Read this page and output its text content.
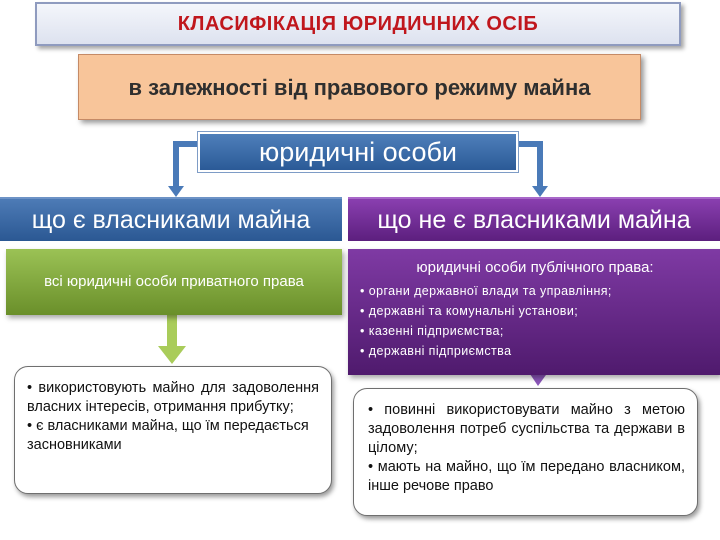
КЛАСИФІКАЦІЯ ЮРИДИЧНИХ ОСІБ
в залежності від правового режиму майна
юридичні особи
що є власниками майна	що не є власниками майна
всі юридичні особи приватного права
юридичні особи публічного права:
• органи державної влади та управління;
• державні та комунальні установи;
• казенні підприємства;
• державні підприємства

• використовують майно для задоволення власних інтересів, отримання прибутку;

• є власниками майна, що їм передається засновниками

• повинні використовувати майно з метою задоволення потреб суспільства та держави в цілому;

• мають на майно, що їм передано власником, інше речове право
